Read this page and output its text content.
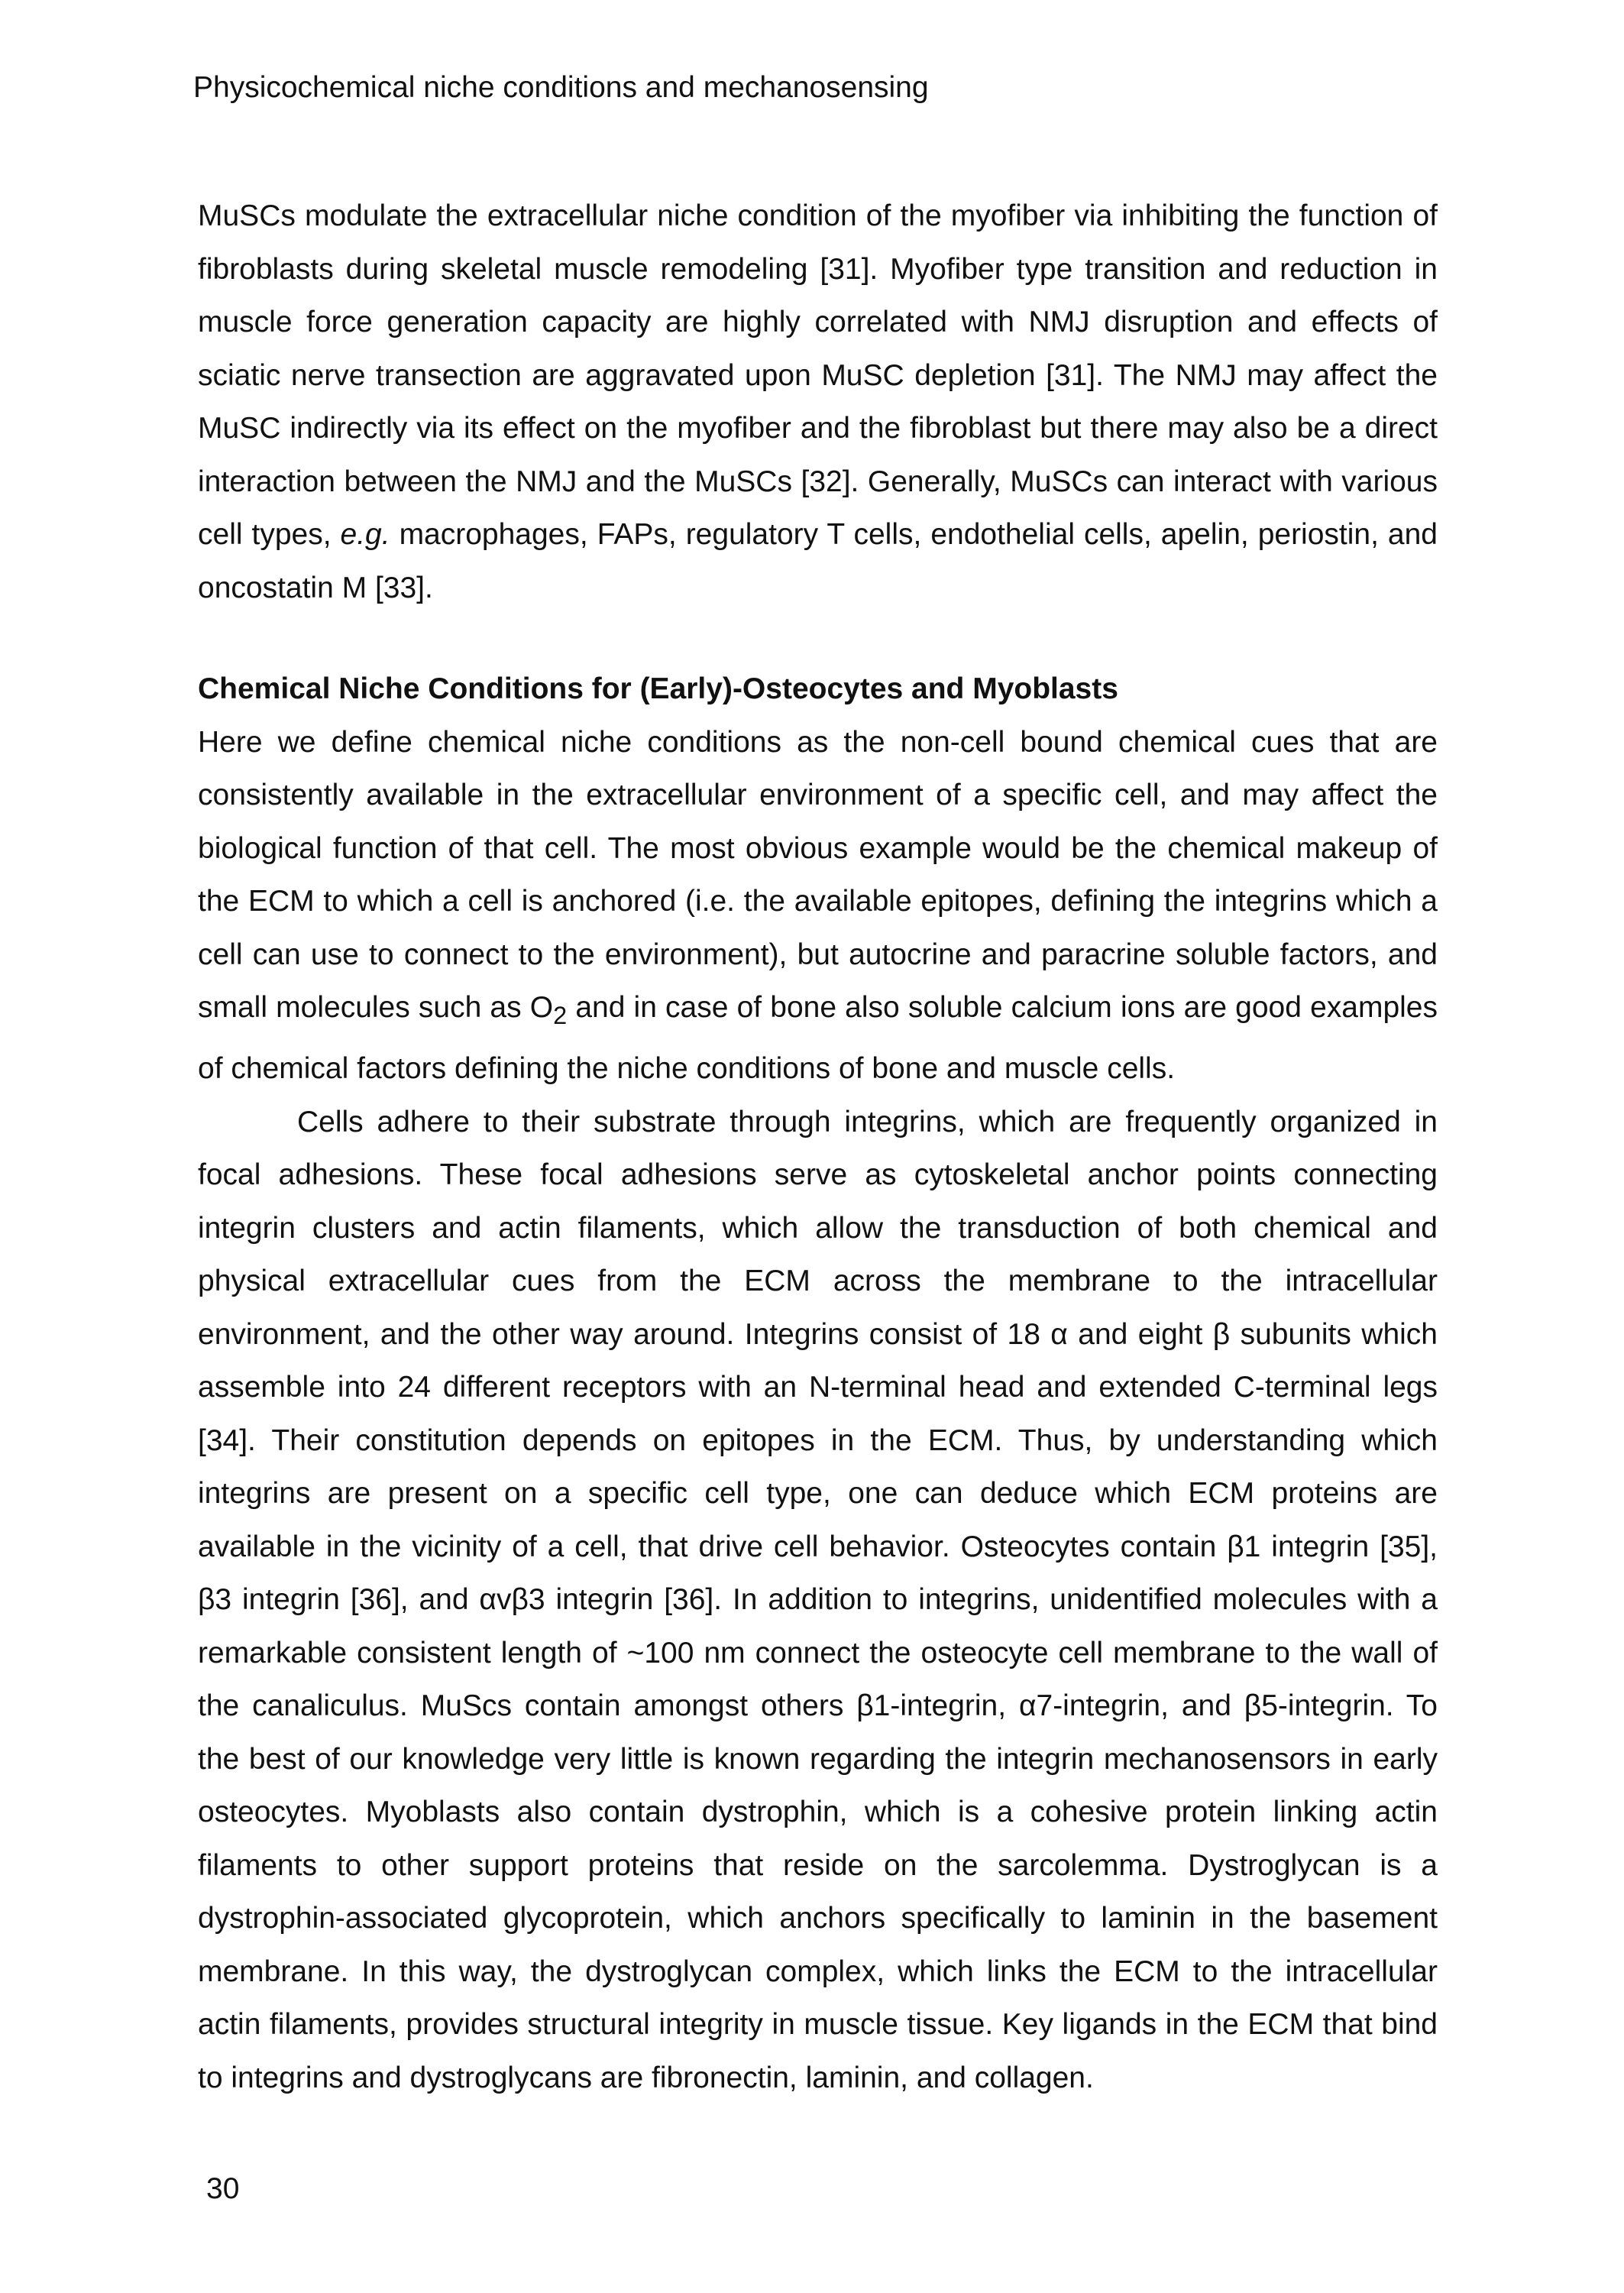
Physicochemical niche conditions and mechanosensing

MuSCs modulate the extracellular niche condition of the myofiber via inhibiting the function of fibroblasts during skeletal muscle remodeling [31]. Myofiber type transition and reduction in muscle force generation capacity are highly correlated with NMJ disruption and effects of sciatic nerve transection are aggravated upon MuSC depletion [31]. The NMJ may affect the MuSC indirectly via its effect on the myofiber and the fibroblast but there may also be a direct interaction between the NMJ and the MuSCs [32]. Generally, MuSCs can interact with various cell types, e.g. macrophages, FAPs, regulatory T cells, endothelial cells, apelin, periostin, and oncostatin M [33].

Chemical Niche Conditions for (Early)-Osteocytes and Myoblasts

Here we define chemical niche conditions as the non-cell bound chemical cues that are consistently available in the extracellular environment of a specific cell, and may affect the biological function of that cell. The most obvious example would be the chemical makeup of the ECM to which a cell is anchored (i.e. the available epitopes, defining the integrins which a cell can use to connect to the environment), but autocrine and paracrine soluble factors, and small molecules such as $O_2$ and in case of bone also soluble calcium ions are good examples of chemical factors defining the niche conditions of bone and muscle cells.

Cells adhere to their substrate through integrins, which are frequently organized in focal adhesions. These focal adhesions serve as cytoskeletal anchor points connecting integrin clusters and actin filaments, which allow the transduction of both chemical and physical extracellular cues from the ECM across the membrane to the intracellular environment, and the other way around. Integrins consist of 18 α and eight β subunits which assemble into 24 different receptors with an N-terminal head and extended C-terminal legs [34]. Their constitution depends on epitopes in the ECM. Thus, by understanding which integrins are present on a specific cell type, one can deduce which ECM proteins are available in the vicinity of a cell, that drive cell behavior. Osteocytes contain β1 integrin [35], β3 integrin [36], and αvβ3 integrin [36]. In addition to integrins, unidentified molecules with a remarkable consistent length of ~100 nm connect the osteocyte cell membrane to the wall of the canaliculus. MuScs contain amongst others β1-integrin, α7-integrin, and β5-integrin. To the best of our knowledge very little is known regarding the integrin mechanosensors in early osteocytes. Myoblasts also contain dystrophin, which is a cohesive protein linking actin filaments to other support proteins that reside on the sarcolemma. Dystroglycan is a dystrophin-associated glycoprotein, which anchors specifically to laminin in the basement membrane. In this way, the dystroglycan complex, which links the ECM to the intracellular actin filaments, provides structural integrity in muscle tissue. Key ligands in the ECM that bind to integrins and dystroglycans are fibronectin, laminin, and collagen.

30
